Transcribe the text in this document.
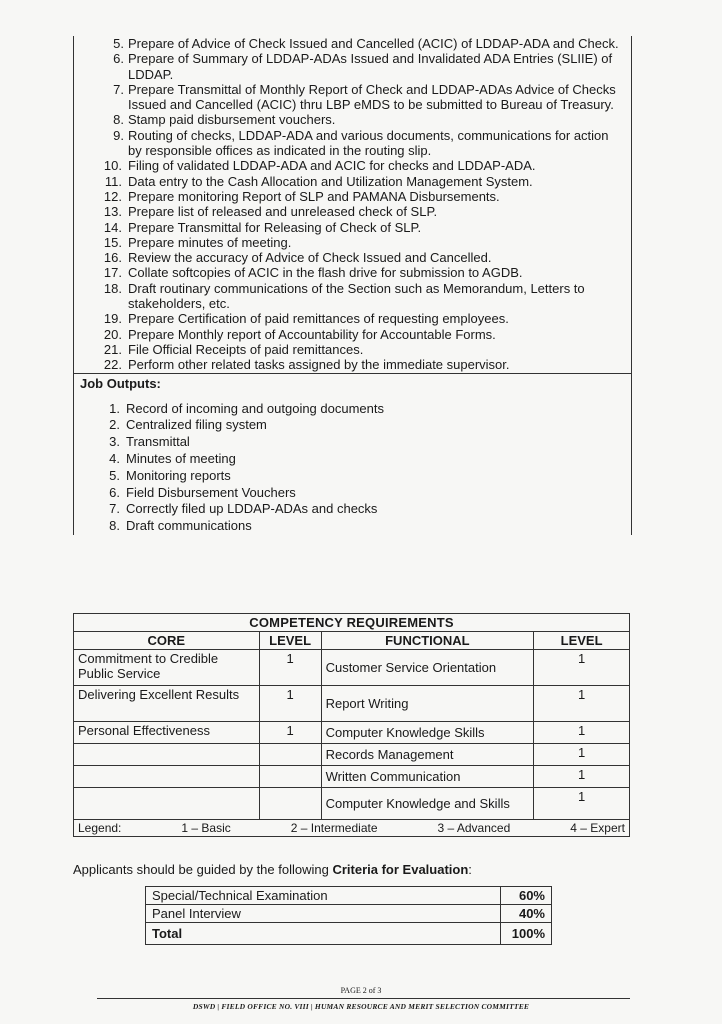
5. Prepare of Advice of Check Issued and Cancelled (ACIC) of LDDAP-ADA and Check.
6. Prepare of Summary of LDDAP-ADAs Issued and Invalidated ADA Entries (SLIIE) of LDDAP.
7. Prepare Transmittal of Monthly Report of Check and LDDAP-ADAs Advice of Checks Issued and Cancelled (ACIC) thru LBP eMDS to be submitted to Bureau of Treasury.
8. Stamp paid disbursement vouchers.
9. Routing of checks, LDDAP-ADA and various documents, communications for action by responsible offices as indicated in the routing slip.
10. Filing of validated LDDAP-ADA and ACIC for checks and LDDAP-ADA.
11. Data entry to the Cash Allocation and Utilization Management System.
12. Prepare monitoring Report of SLP and PAMANA Disbursements.
13. Prepare list of released and unreleased check of SLP.
14. Prepare Transmittal for Releasing of Check of SLP.
15. Prepare minutes of meeting.
16. Review the accuracy of Advice of Check Issued and Cancelled.
17. Collate softcopies of ACIC in the flash drive for submission to AGDB.
18. Draft routinary communications of the Section such as Memorandum, Letters to stakeholders, etc.
19. Prepare Certification of paid remittances of requesting employees.
20. Prepare Monthly report of Accountability for Accountable Forms.
21. File Official Receipts of paid remittances.
22. Perform other related tasks assigned by the immediate supervisor.
Job Outputs:
1. Record of incoming and outgoing documents
2. Centralized filing system
3. Transmittal
4. Minutes of meeting
5. Monitoring reports
6. Field Disbursement Vouchers
7. Correctly filed up LDDAP-ADAs and checks
8. Draft communications
COMPETENCY REQUIREMENTS			
CORE	LEVEL	FUNCTIONAL	LEVEL
Commitment to Credible Public Service	1	Customer Service Orientation	1
Delivering Excellent Results	1	Report Writing	1
Personal Effectiveness	1	Computer Knowledge Skills	1
		Records Management	1
		Written Communication	1
		Computer Knowledge and Skills	1

Legend: 1 – Basic 2 – Intermediate 3 – Advanced 4 – Expert			
Applicants should be guided by the following Criteria for Evaluation:
Special/Technical Examination	60%
Panel Interview	40%
Total	100%
PAGE 2 of 3
DSWD | FIELD OFFICE NO. VIII | HUMAN RESOURCE AND MERIT SELECTION COMMITTEE
